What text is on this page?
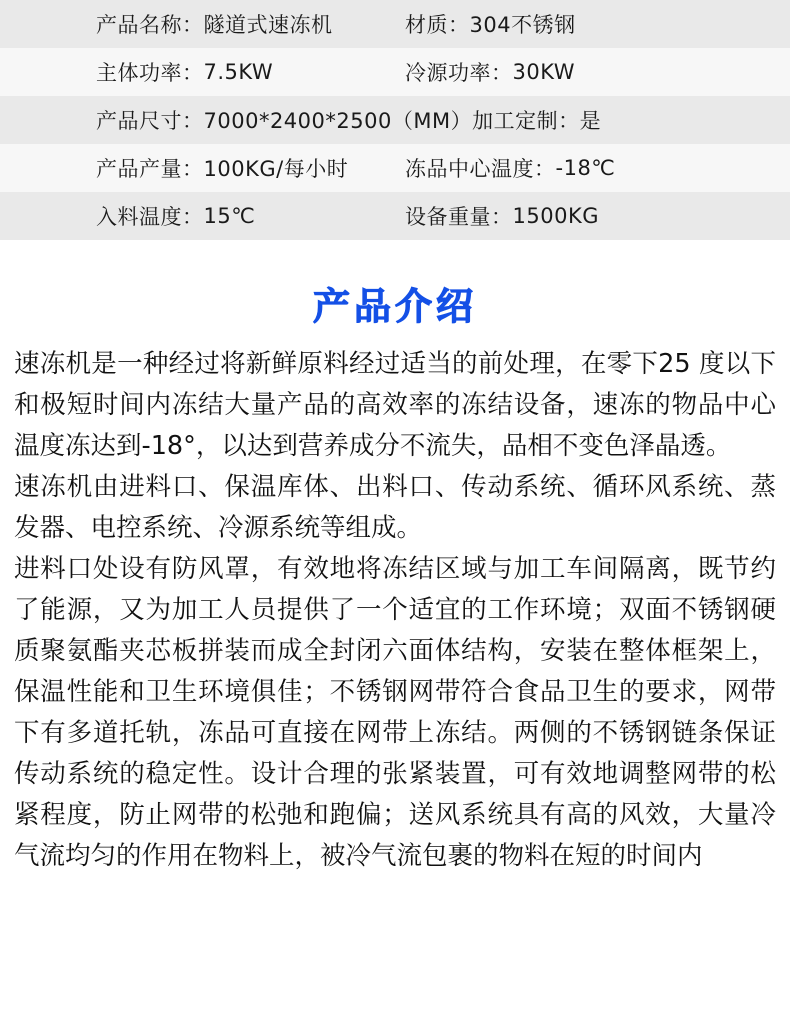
产品名称： 隧道式速冻机	材质： 304不锈钢

主体功率： 7.5KW	冷源功率： 30KW

产品尺寸：7000*2400*2500（MM）加工定制：是	

产品产量： 100KG/每小时	冻品中心温度： -18℃

入料温度： 15℃	设备重量： 1500KG
产品介绍

速冻机是一种经过将新鲜原料经过适当的前处理，在零下25 度以下和极短时间内冻结大量产品的高效率的冻结设备，速冻的物品中心温度冻达到-18°，以达到营养成分不流失，品相不变色泽晶透。

速冻机由进料口、保温库体、出料口、传动系统、循环风系统、蒸发器、电控系统、冷源系统等组成。

进料口处设有防风罩，有效地将冻结区域与加工车间隔离，既节约了能源，又为加工人员提供了一个适宜的工作环境；双面不锈钢硬质聚氨酯夹芯板拼装而成全封闭六面体结构，安装在整体框架上，保温性能和卫生环境俱佳；不锈钢网带符合食品卫生的要求，网带下有多道托轨，冻品可直接在网带上冻结。两侧的不锈钢链条保证传动系统的稳定性。设计合理的张紧装置，可有效地调整网带的松紧程度，防止网带的松弛和跑偏；送风系统具有高的风效，大量冷气流均匀的作用在物料上，被冷气流包裹的物料在短的时间内
